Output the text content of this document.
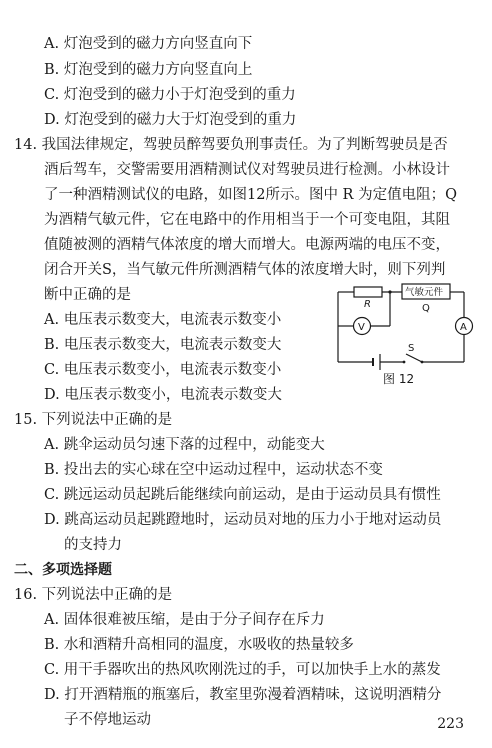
A. 灯泡受到的磁力方向竖直向下
B. 灯泡受到的磁力方向竖直向上
C. 灯泡受到的磁力小于灯泡受到的重力
D. 灯泡受到的磁力大于灯泡受到的重力
14. 我国法律规定，驾驶员醉驾要负刑事责任。为了判断驾驶员是否
酒后驾车，交警需要用酒精测试仪对驾驶员进行检测。小林设计
了一种酒精测试仪的电路，如图12所示。图中 R 为定值电阻；Q
为酒精气敏元件，它在电路中的作用相当于一个可变电阻，其阻
值随被测的酒精气体浓度的增大而增大。电源两端的电压不变，
闭合开关S，当气敏元件所测酒精气体的浓度增大时，则下列判
断中正确的是
A. 电压表示数变大，电流表示数变小
B. 电压表示数变大，电流表示数变大
C. 电压表示数变小，电流表示数变小
D. 电压表示数变小，电流表示数变大
R
气敏元件
Q
V	A
S
图 12
15. 下列说法中正确的是
A. 跳伞运动员匀速下落的过程中，动能变大
B. 投出去的实心球在空中运动过程中，运动状态不变
C. 跳远运动员起跳后能继续向前运动，是由于运动员具有惯性
D. 跳高运动员起跳蹬地时，运动员对地的压力小于地对运动员
的支持力
二、多项选择题
16. 下列说法中正确的是
A. 固体很难被压缩，是由于分子间存在斥力
B. 水和酒精升高相同的温度，水吸收的热量较多
C. 用干手器吹出的热风吹刚洗过的手，可以加快手上水的蒸发
D. 打开酒精瓶的瓶塞后，教室里弥漫着酒精味，这说明酒精分
子不停地运动	223
